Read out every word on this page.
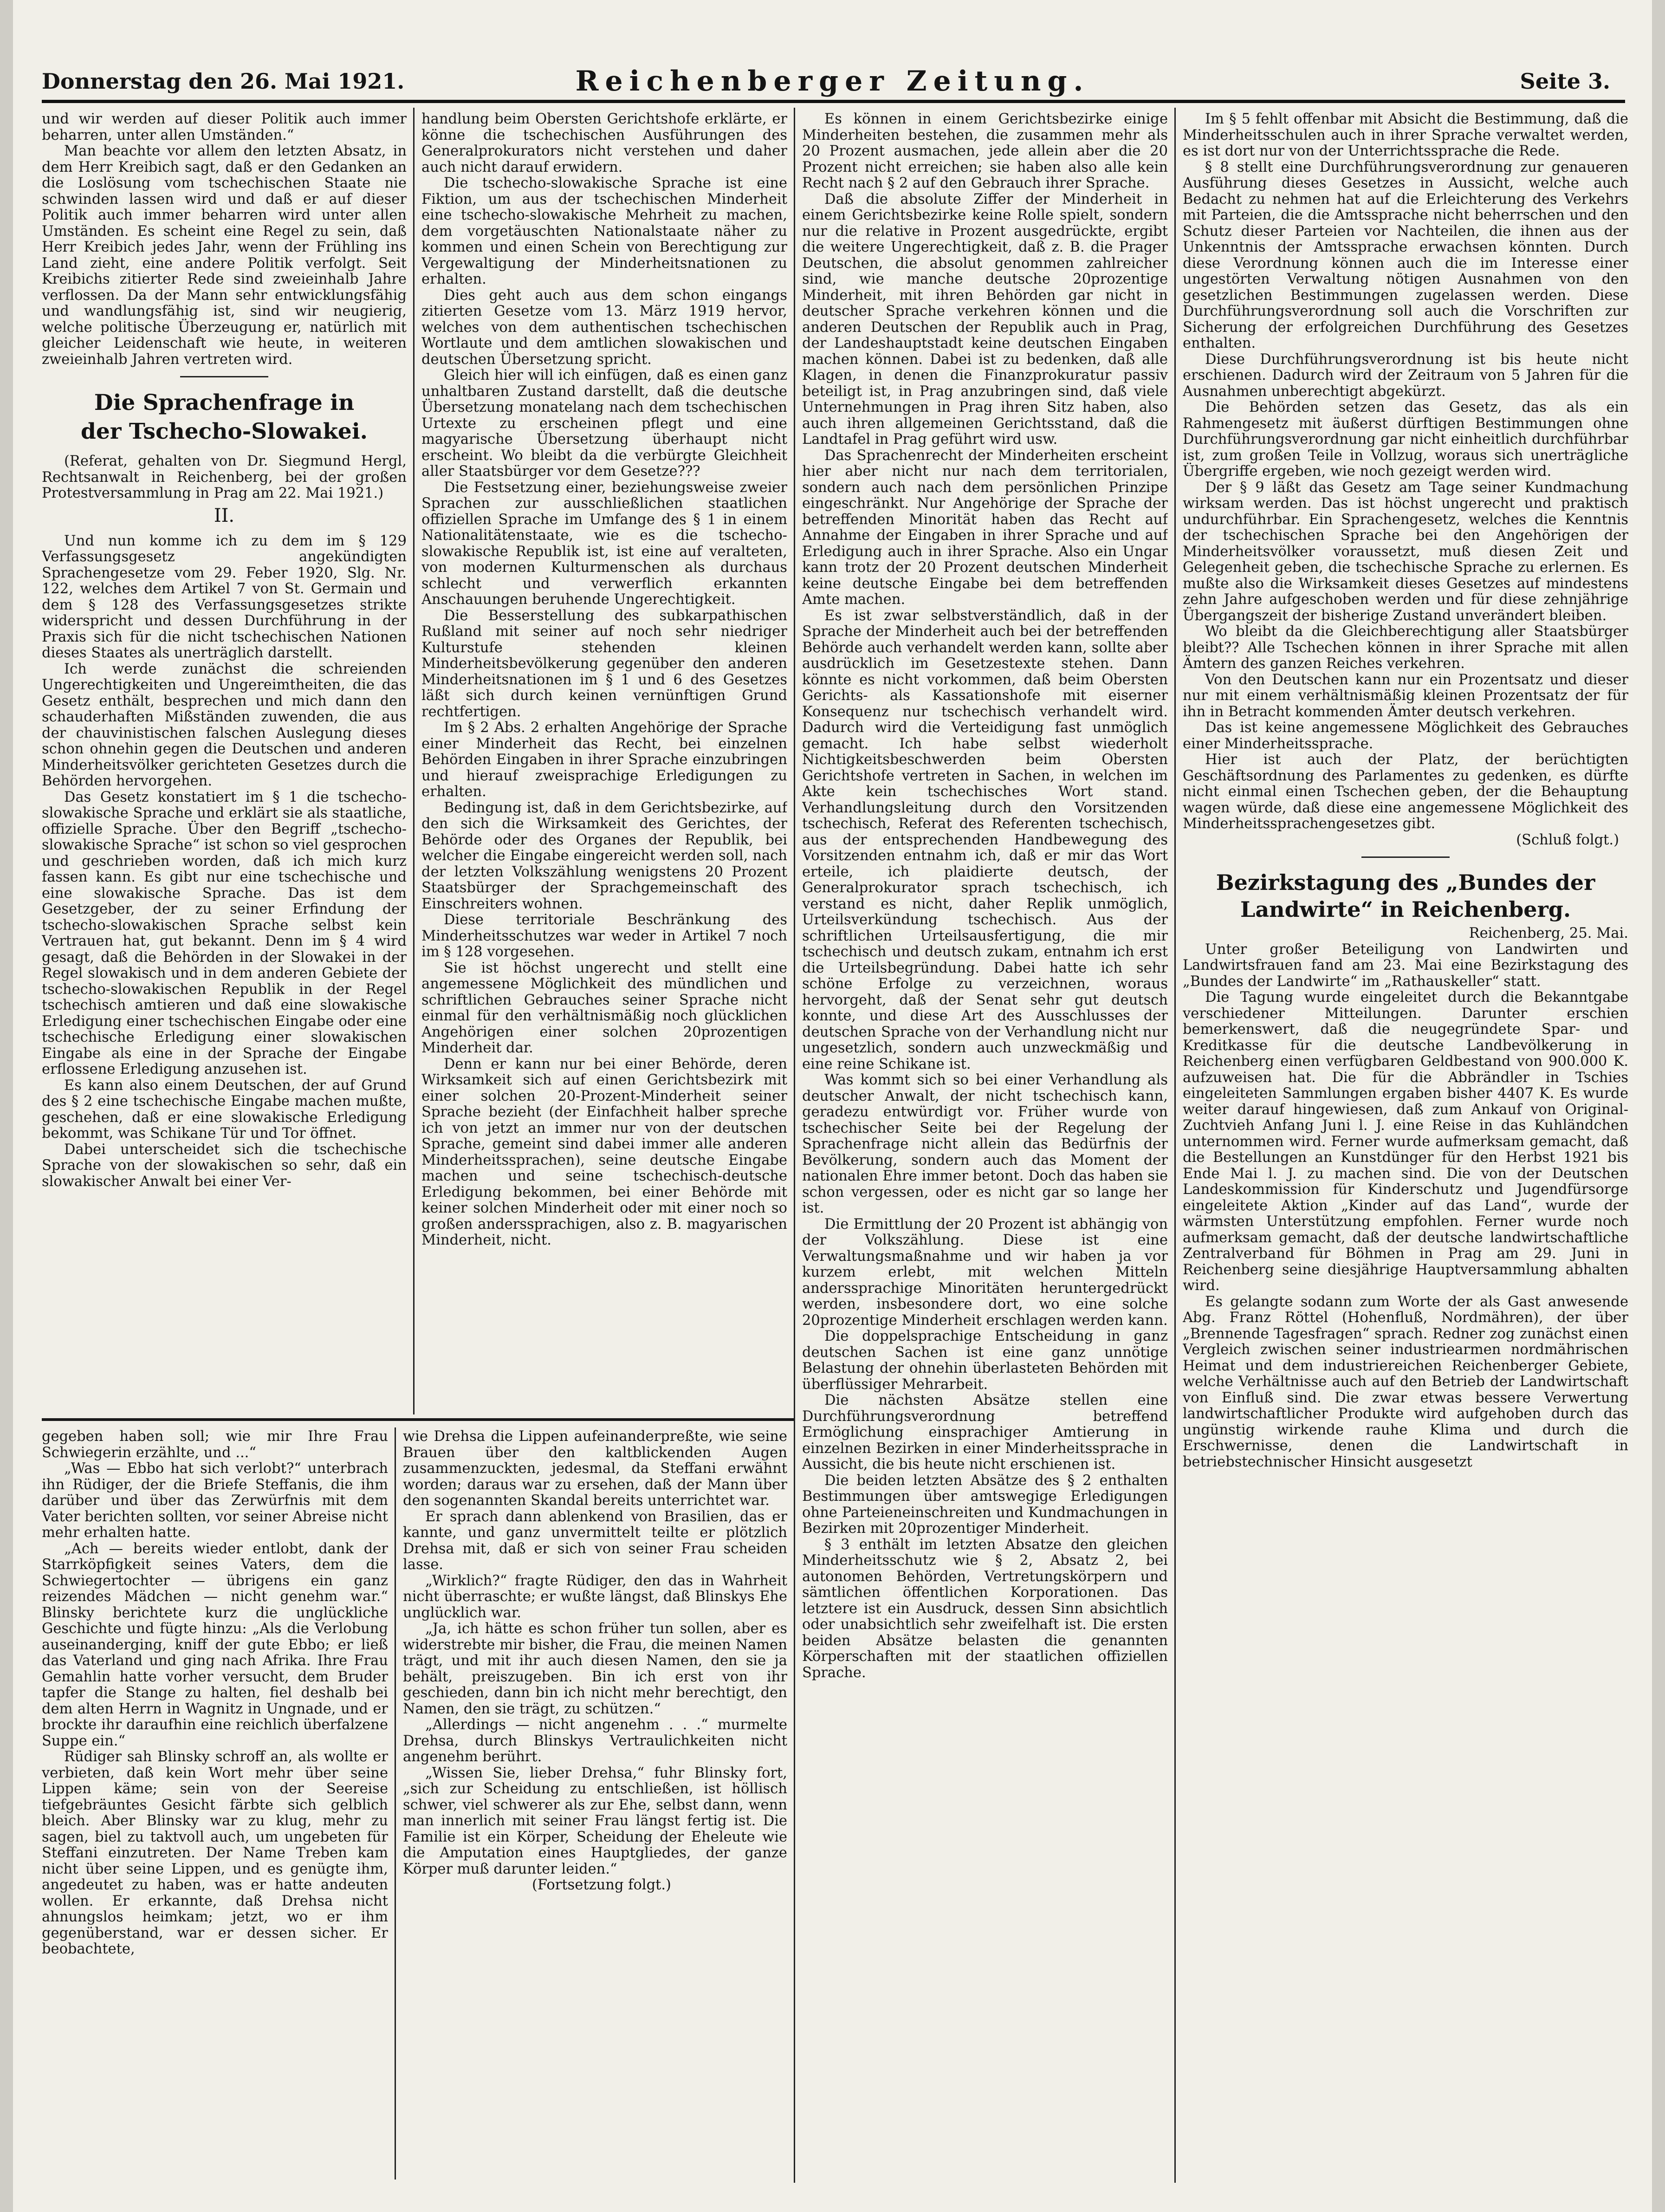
Donnerstag den 26. Mai 1921.	Reichenberger Zeitung.	Seite 3.

und wir werden auf dieser Politik auch immer beharren, unter allen Umständen.“

Man beachte vor allem den letzten Absatz, in dem Herr Kreibich sagt, daß er den Gedanken an die Loslösung vom tschechischen Staate nie schwinden lassen wird und daß er auf dieser Politik auch immer beharren wird unter allen Umständen. Es scheint eine Regel zu sein, daß Herr Kreibich jedes Jahr, wenn der Frühling ins Land zieht, eine andere Politik verfolgt. Seit Kreibichs zitierter Rede sind zweieinhalb Jahre verflossen. Da der Mann sehr entwicklungsfähig und wandlungsfähig ist, sind wir neugierig, welche politische Überzeugung er, natürlich mit gleicher Leidenschaft wie heute, in weiteren zweieinhalb Jahren vertreten wird.

Die Sprachenfrage in
der Tschecho-Slowakei.

(Referat, gehalten von Dr. Siegmund Hergl, Rechtsanwalt in Reichenberg, bei der großen Protestversammlung in Prag am 22. Mai 1921.)

II.

Und nun komme ich zu dem im § 129 Verfassungsgesetz angekündigten Sprachengesetze vom 29. Feber 1920, Slg. Nr. 122, welches dem Artikel 7 von St. Germain und dem § 128 des Verfassungsgesetzes strikte widerspricht und dessen Durchführung in der Praxis sich für die nicht tschechischen Nationen dieses Staates als unerträglich darstellt.

Ich werde zunächst die schreienden Ungerechtigkeiten und Ungereimtheiten, die das Gesetz enthält, besprechen und mich dann den schauderhaften Mißständen zuwenden, die aus der chauvinistischen falschen Auslegung dieses schon ohnehin gegen die Deutschen und anderen Minderheitsvölker gerichteten Gesetzes durch die Behörden hervorgehen.

Das Gesetz konstatiert im § 1 die tschecho-slowakische Sprache und erklärt sie als staatliche, offizielle Sprache. Über den Begriff „tschecho-slowakische Sprache“ ist schon so viel gesprochen und geschrieben worden, daß ich mich kurz fassen kann. Es gibt nur eine tschechische und eine slowakische Sprache. Das ist dem Gesetzgeber, der zu seiner Erfindung der tschecho-slowakischen Sprache selbst kein Vertrauen hat, gut bekannt. Denn im § 4 wird gesagt, daß die Behörden in der Slowakei in der Regel slowakisch und in dem anderen Gebiete der tschecho-slowakischen Republik in der Regel tschechisch amtieren und daß eine slowakische Erledigung einer tschechischen Eingabe oder eine tschechische Erledigung einer slowakischen Eingabe als eine in der Sprache der Eingabe erflossene Erledigung anzusehen ist.

Es kann also einem Deutschen, der auf Grund des § 2 eine tschechische Eingabe machen mußte, geschehen, daß er eine slowakische Erledigung bekommt, was Schikane Tür und Tor öffnet.

Dabei unterscheidet sich die tschechische Sprache von der slowakischen so sehr, daß ein slowakischer Anwalt bei einer Ver-

handlung beim Obersten Gerichtshofe erklärte, er könne die tschechischen Ausführungen des Generalprokurators nicht verstehen und daher auch nicht darauf erwidern.

Die tschecho-slowakische Sprache ist eine Fiktion, um aus der tschechischen Minderheit eine tschecho-slowakische Mehrheit zu machen, dem vorgetäuschten Nationalstaate näher zu kommen und einen Schein von Berechtigung zur Vergewaltigung der Minderheitsnationen zu erhalten.

Dies geht auch aus dem schon eingangs zitierten Gesetze vom 13. März 1919 hervor, welches von dem authentischen tschechischen Wortlaute und dem amtlichen slowakischen und deutschen Übersetzung spricht.

Gleich hier will ich einfügen, daß es einen ganz unhaltbaren Zustand darstellt, daß die deutsche Übersetzung monatelang nach dem tschechischen Urtexte zu erscheinen pflegt und eine magyarische Übersetzung überhaupt nicht erscheint. Wo bleibt da die verbürgte Gleichheit aller Staatsbürger vor dem Gesetze???

Die Festsetzung einer, beziehungsweise zweier Sprachen zur ausschließlichen staatlichen offiziellen Sprache im Umfange des § 1 in einem Nationalitätenstaate, wie es die tschecho-slowakische Republik ist, ist eine auf veralteten, von modernen Kulturmenschen als durchaus schlecht und verwerflich erkannten Anschauungen beruhende Ungerechtigkeit.

Die Besserstellung des subkarpathischen Rußland mit seiner auf noch sehr niedriger Kulturstufe stehenden kleinen Minderheitsbevölkerung gegenüber den anderen Minderheitsnationen im § 1 und 6 des Gesetzes läßt sich durch keinen vernünftigen Grund rechtfertigen.

Im § 2 Abs. 2 erhalten Angehörige der Sprache einer Minderheit das Recht, bei einzelnen Behörden Eingaben in ihrer Sprache einzubringen und hierauf zweisprachige Erledigungen zu erhalten.

Bedingung ist, daß in dem Gerichtsbezirke, auf den sich die Wirksamkeit des Gerichtes, der Behörde oder des Organes der Republik, bei welcher die Eingabe eingereicht werden soll, nach der letzten Volkszählung wenigstens 20 Prozent Staatsbürger der Sprachgemeinschaft des Einschreiters wohnen.

Diese territoriale Beschränkung des Minderheitsschutzes war weder in Artikel 7 noch im § 128 vorgesehen.

Sie ist höchst ungerecht und stellt eine angemessene Möglichkeit des mündlichen und schriftlichen Gebrauches seiner Sprache nicht einmal für den verhältnismäßig noch glücklichen Angehörigen einer solchen 20prozentigen Minderheit dar.

Denn er kann nur bei einer Behörde, deren Wirksamkeit sich auf einen Gerichtsbezirk mit einer solchen 20-Prozent-Minderheit seiner Sprache bezieht (der Einfachheit halber spreche ich von jetzt an immer nur von der deutschen Sprache, gemeint sind dabei immer alle anderen Minderheitssprachen), seine deutsche Eingabe machen und seine tschechisch-deutsche Erledigung bekommen, bei einer Behörde mit keiner solchen Minderheit oder mit einer noch so großen anderssprachigen, also z. B. magyarischen Minderheit, nicht.

Es können in einem Gerichtsbezirke einige Minderheiten bestehen, die zusammen mehr als 20 Prozent ausmachen, jede allein aber die 20 Prozent nicht erreichen; sie haben also alle kein Recht nach § 2 auf den Gebrauch ihrer Sprache.

Daß die absolute Ziffer der Minderheit in einem Gerichtsbezirke keine Rolle spielt, sondern nur die relative in Prozent ausgedrückte, ergibt die weitere Ungerechtigkeit, daß z. B. die Prager Deutschen, die absolut genommen zahlreicher sind, wie manche deutsche 20prozentige Minderheit, mit ihren Behörden gar nicht in deutscher Sprache verkehren können und die anderen Deutschen der Republik auch in Prag, der Landeshauptstadt keine deutschen Eingaben machen können. Dabei ist zu bedenken, daß alle Klagen, in denen die Finanzprokuratur passiv beteiligt ist, in Prag anzubringen sind, daß viele Unternehmungen in Prag ihren Sitz haben, also auch ihren allgemeinen Gerichtsstand, daß die Landtafel in Prag geführt wird usw.

Das Sprachenrecht der Minderheiten erscheint hier aber nicht nur nach dem territorialen, sondern auch nach dem persönlichen Prinzipe eingeschränkt. Nur Angehörige der Sprache der betreffenden Minorität haben das Recht auf Annahme der Eingaben in ihrer Sprache und auf Erledigung auch in ihrer Sprache. Also ein Ungar kann trotz der 20 Prozent deutschen Minderheit keine deutsche Eingabe bei dem betreffenden Amte machen.

Es ist zwar selbstverständlich, daß in der Sprache der Minderheit auch bei der betreffenden Behörde auch verhandelt werden kann, sollte aber ausdrücklich im Gesetzestexte stehen. Dann könnte es nicht vorkommen, daß beim Obersten Gerichts- als Kassationshofe mit eiserner Konsequenz nur tschechisch verhandelt wird. Dadurch wird die Verteidigung fast unmöglich gemacht. Ich habe selbst wiederholt Nichtigkeitsbeschwerden beim Obersten Gerichtshofe vertreten in Sachen, in welchen im Akte kein tschechisches Wort stand. Verhandlungsleitung durch den Vorsitzenden tschechisch, Referat des Referenten tschechisch, aus der entsprechenden Handbewegung des Vorsitzenden entnahm ich, daß er mir das Wort erteile, ich plaidierte deutsch, der Generalprokurator sprach tschechisch, ich verstand es nicht, daher Replik unmöglich, Urteilsverkündung tschechisch. Aus der schriftlichen Urteilsausfertigung, die mir tschechisch und deutsch zukam, entnahm ich erst die Urteilsbegründung. Dabei hatte ich sehr schöne Erfolge zu verzeichnen, woraus hervorgeht, daß der Senat sehr gut deutsch konnte, und diese Art des Ausschlusses der deutschen Sprache von der Verhandlung nicht nur ungesetzlich, sondern auch unzweckmäßig und eine reine Schikane ist.

Was kommt sich so bei einer Verhandlung als deutscher Anwalt, der nicht tschechisch kann, geradezu entwürdigt vor. Früher wurde von tschechischer Seite bei der Regelung der Sprachenfrage nicht allein das Bedürfnis der Bevölkerung, sondern auch das Moment der nationalen Ehre immer betont. Doch das haben sie schon vergessen, oder es nicht gar so lange her ist.

Die Ermittlung der 20 Prozent ist abhängig von der Volkszählung. Diese ist eine Verwaltungsmaßnahme und wir haben ja vor kurzem erlebt, mit welchen Mitteln anderssprachige Minoritäten heruntergedrückt werden, insbesondere dort, wo eine solche 20prozentige Minderheit erschlagen werden kann.

Die doppelsprachige Entscheidung in ganz deutschen Sachen ist eine ganz unnötige Belastung der ohnehin überlasteten Behörden mit überflüssiger Mehrarbeit.

Die nächsten Absätze stellen eine Durchführungsverordnung betreffend Ermöglichung einsprachiger Amtierung in einzelnen Bezirken in einer Minderheitssprache in Aussicht, die bis heute nicht erschienen ist.

Die beiden letzten Absätze des § 2 enthalten Bestimmungen über amtswegige Erledigungen ohne Parteieneinschreiten und Kundmachungen in Bezirken mit 20prozentiger Minderheit.

§ 3 enthält im letzten Absatze den gleichen Minderheitsschutz wie § 2, Absatz 2, bei autonomen Behörden, Vertretungskörpern und sämtlichen öffentlichen Korporationen. Das letztere ist ein Ausdruck, dessen Sinn absichtlich oder unabsichtlich sehr zweifelhaft ist. Die ersten beiden Absätze belasten die genannten Körperschaften mit der staatlichen offiziellen Sprache.

Im § 5 fehlt offenbar mit Absicht die Bestimmung, daß die Minderheitsschulen auch in ihrer Sprache verwaltet werden, es ist dort nur von der Unterrichtssprache die Rede.

§ 8 stellt eine Durchführungsverordnung zur genaueren Ausführung dieses Gesetzes in Aussicht, welche auch Bedacht zu nehmen hat auf die Erleichterung des Verkehrs mit Parteien, die die Amtssprache nicht beherrschen und den Schutz dieser Parteien vor Nachteilen, die ihnen aus der Unkenntnis der Amtssprache erwachsen könnten. Durch diese Verordnung können auch die im Interesse einer ungestörten Verwaltung nötigen Ausnahmen von den gesetzlichen Bestimmungen zugelassen werden. Diese Durchführungsverordnung soll auch die Vorschriften zur Sicherung der erfolgreichen Durchführung des Gesetzes enthalten.

Diese Durchführungsverordnung ist bis heute nicht erschienen. Dadurch wird der Zeitraum von 5 Jahren für die Ausnahmen unberechtigt abgekürzt.

Die Behörden setzen das Gesetz, das als ein Rahmengesetz mit äußerst dürftigen Bestimmungen ohne Durchführungsverordnung gar nicht einheitlich durchführbar ist, zum großen Teile in Vollzug, woraus sich unerträgliche Übergriffe ergeben, wie noch gezeigt werden wird.

Der § 9 läßt das Gesetz am Tage seiner Kundmachung wirksam werden. Das ist höchst ungerecht und praktisch undurchführbar. Ein Sprachengesetz, welches die Kenntnis der tschechischen Sprache bei den Angehörigen der Minderheitsvölker voraussetzt, muß diesen Zeit und Gelegenheit geben, die tschechische Sprache zu erlernen. Es mußte also die Wirksamkeit dieses Gesetzes auf mindestens zehn Jahre aufgeschoben werden und für diese zehnjährige Übergangszeit der bisherige Zustand unverändert bleiben.

Wo bleibt da die Gleichberechtigung aller Staatsbürger bleibt?? Alle Tschechen können in ihrer Sprache mit allen Ämtern des ganzen Reiches verkehren.

Von den Deutschen kann nur ein Prozentsatz und dieser nur mit einem verhältnismäßig kleinen Prozentsatz der für ihn in Betracht kommenden Ämter deutsch verkehren.

Das ist keine angemessene Möglichkeit des Gebrauches einer Minderheitssprache.

Hier ist auch der Platz, der berüchtigten Geschäftsordnung des Parlamentes zu gedenken, es dürfte nicht einmal einen Tschechen geben, der die Behauptung wagen würde, daß diese eine angemessene Möglichkeit des Minderheitssprachengesetzes gibt.

(Schluß folgt.)

Bezirkstagung des „Bundes der
Landwirte“ in Reichenberg.

Reichenberg, 25. Mai.

Unter großer Beteiligung von Landwirten und Landwirtsfrauen fand am 23. Mai eine Bezirkstagung des „Bundes der Landwirte“ im „Rathauskeller“ statt.

Die Tagung wurde eingeleitet durch die Bekanntgabe verschiedener Mitteilungen. Darunter erschien bemerkenswert, daß die neugegründete Spar- und Kreditkasse für die deutsche Landbevölkerung in Reichenberg einen verfügbaren Geldbestand von 900.000 K. aufzuweisen hat. Die für die Abbrändler in Tschies eingeleiteten Sammlungen ergaben bisher 4407 K. Es wurde weiter darauf hingewiesen, daß zum Ankauf von Original-Zuchtvieh Anfang Juni l. J. eine Reise in das Kuhländchen unternommen wird. Ferner wurde aufmerksam gemacht, daß die Bestellungen an Kunstdünger für den Herbst 1921 bis Ende Mai l. J. zu machen sind. Die von der Deutschen Landeskommission für Kinderschutz und Jugendfürsorge eingeleitete Aktion „Kinder auf das Land“, wurde der wärmsten Unterstützung empfohlen. Ferner wurde noch aufmerksam gemacht, daß der deutsche landwirtschaftliche Zentralverband für Böhmen in Prag am 29. Juni in Reichenberg seine diesjährige Hauptversammlung abhalten wird.

Es gelangte sodann zum Worte der als Gast anwesende Abg. Franz Röttel (Hohenfluß, Nordmähren), der über „Brennende Tagesfragen“ sprach. Redner zog zunächst einen Vergleich zwischen seiner industriearmen nordmährischen Heimat und dem industriereichen Reichenberger Gebiete, welche Verhältnisse auch auf den Betrieb der Landwirtschaft von Einfluß sind. Die zwar etwas bessere Verwertung landwirtschaftlicher Produkte wird aufgehoben durch das ungünstig wirkende rauhe Klima und durch die Erschwernisse, denen die Landwirtschaft in betriebstechnischer Hinsicht ausgesetzt

gegeben haben soll; wie mir Ihre Frau Schwiegerin erzählte, und ...“

„Was — Ebbo hat sich verlobt?“ unterbrach ihn Rüdiger, der die Briefe Steffanis, die ihm darüber und über das Zerwürfnis mit dem Vater berichten sollten, vor seiner Abreise nicht mehr erhalten hatte.

„Ach — bereits wieder entlobt, dank der Starrköpfigkeit seines Vaters, dem die Schwiegertochter — übrigens ein ganz reizendes Mädchen — nicht genehm war.“ Blinsky berichtete kurz die unglückliche Geschichte und fügte hinzu: „Als die Verlobung auseinanderging, kniff der gute Ebbo; er ließ das Vaterland und ging nach Afrika. Ihre Frau Gemahlin hatte vorher versucht, dem Bruder tapfer die Stange zu halten, fiel deshalb bei dem alten Herrn in Wagnitz in Ungnade, und er brockte ihr daraufhin eine reichlich überfalzene Suppe ein.“

Rüdiger sah Blinsky schroff an, als wollte er verbieten, daß kein Wort mehr über seine Lippen käme; sein von der Seereise tiefgebräuntes Gesicht färbte sich gelblich bleich. Aber Blinsky war zu klug, mehr zu sagen, biel zu taktvoll auch, um ungebeten für Steffani einzutreten. Der Name Treben kam nicht über seine Lippen, und es genügte ihm, angedeutet zu haben, was er hatte andeuten wollen. Er erkannte, daß Drehsa nicht ahnungslos heimkam; jetzt, wo er ihm gegenüberstand, war er dessen sicher. Er beobachtete,

wie Drehsa die Lippen aufeinanderpreßte, wie seine Brauen über den kaltblickenden Augen zusammenzuckten, jedesmal, da Steffani erwähnt worden; daraus war zu ersehen, daß der Mann über den sogenannten Skandal bereits unterrichtet war.

Er sprach dann ablenkend von Brasilien, das er kannte, und ganz unvermittelt teilte er plötzlich Drehsa mit, daß er sich von seiner Frau scheiden lasse.

„Wirklich?“ fragte Rüdiger, den das in Wahrheit nicht überraschte; er wußte längst, daß Blinskys Ehe unglücklich war.

„Ja, ich hätte es schon früher tun sollen, aber es widerstrebte mir bisher, die Frau, die meinen Namen trägt, und mit ihr auch diesen Namen, den sie ja behält, preiszugeben. Bin ich erst von ihr geschieden, dann bin ich nicht mehr berechtigt, den Namen, den sie trägt, zu schützen.“

„Allerdings — nicht angenehm . . .“ murmelte Drehsa, durch Blinskys Vertraulichkeiten nicht angenehm berührt.

„Wissen Sie, lieber Drehsa,“ fuhr Blinsky fort, „sich zur Scheidung zu entschließen, ist höllisch schwer, viel schwerer als zur Ehe, selbst dann, wenn man innerlich mit seiner Frau längst fertig ist. Die Familie ist ein Körper, Scheidung der Eheleute wie die Amputation eines Hauptgliedes, der ganze Körper muß darunter leiden.“

(Fortsetzung folgt.)
